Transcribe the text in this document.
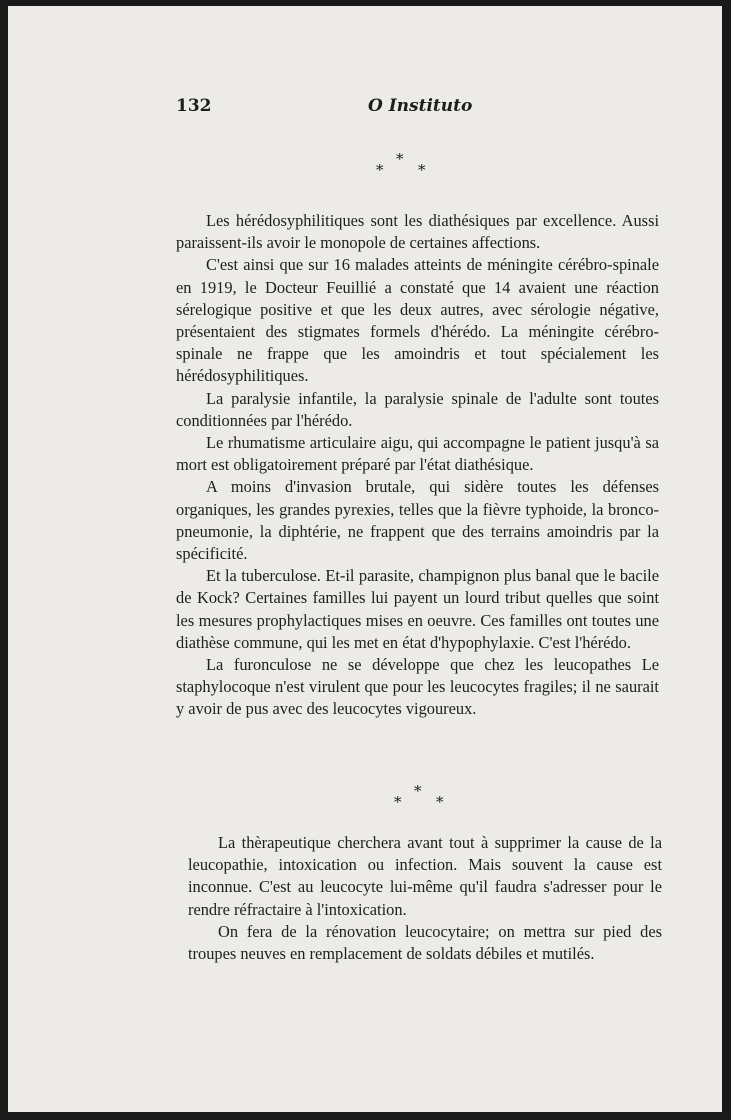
132	O Instituto
*
* *

Les hérédosyphilitiques sont les diathésiques par excellence. Aussi paraissent-ils avoir le monopole de certaines affections.

C'est ainsi que sur 16 malades atteints de méningite cérébro-spinale en 1919, le Docteur Feuillié a constaté que 14 avaient une réaction sérelogique positive et que les deux autres, avec sérologie négative, présentaient des stigmates formels d'hérédo. La méningite cérébro-spinale ne frappe que les amoindris et tout spécialement les hérédosyphilitiques.

La paralysie infantile, la paralysie spinale de l'adulte sont toutes conditionnées par l'hérédo.

Le rhumatisme articulaire aigu, qui accompagne le patient jusqu'à sa mort est obligatoirement préparé par l'état diathésique.

A moins d'invasion brutale, qui sidère toutes les défenses organiques, les grandes pyrexies, telles que la fièvre typhoide, la bronco-pneumonie, la diphtérie, ne frappent que des terrains amoindris par la spécificité.

Et la tuberculose. Et-il parasite, champignon plus banal que le bacile de Kock? Certaines familles lui payent un lourd tribut quelles que soint les mesures prophylactiques mises en oeuvre. Ces familles ont toutes une diathèse commune, qui les met en état d'hypophylaxie. C'est l'hérédo.

La furonculose ne se développe que chez les leucopathes Le staphylocoque n'est virulent que pour les leucocytes fragiles; il ne saurait y avoir de pus avec des leucocytes vigoureux.

*
* *

La thèrapeutique cherchera avant tout à supprimer la cause de la leucopathie, intoxication ou infection. Mais souvent la cause est inconnue. C'est au leucocyte lui-même qu'il faudra s'adresser pour le rendre réfractaire à l'intoxication.

On fera de la rénovation leucocytaire; on mettra sur pied des troupes neuves en remplacement de soldats débiles et mutilés.
